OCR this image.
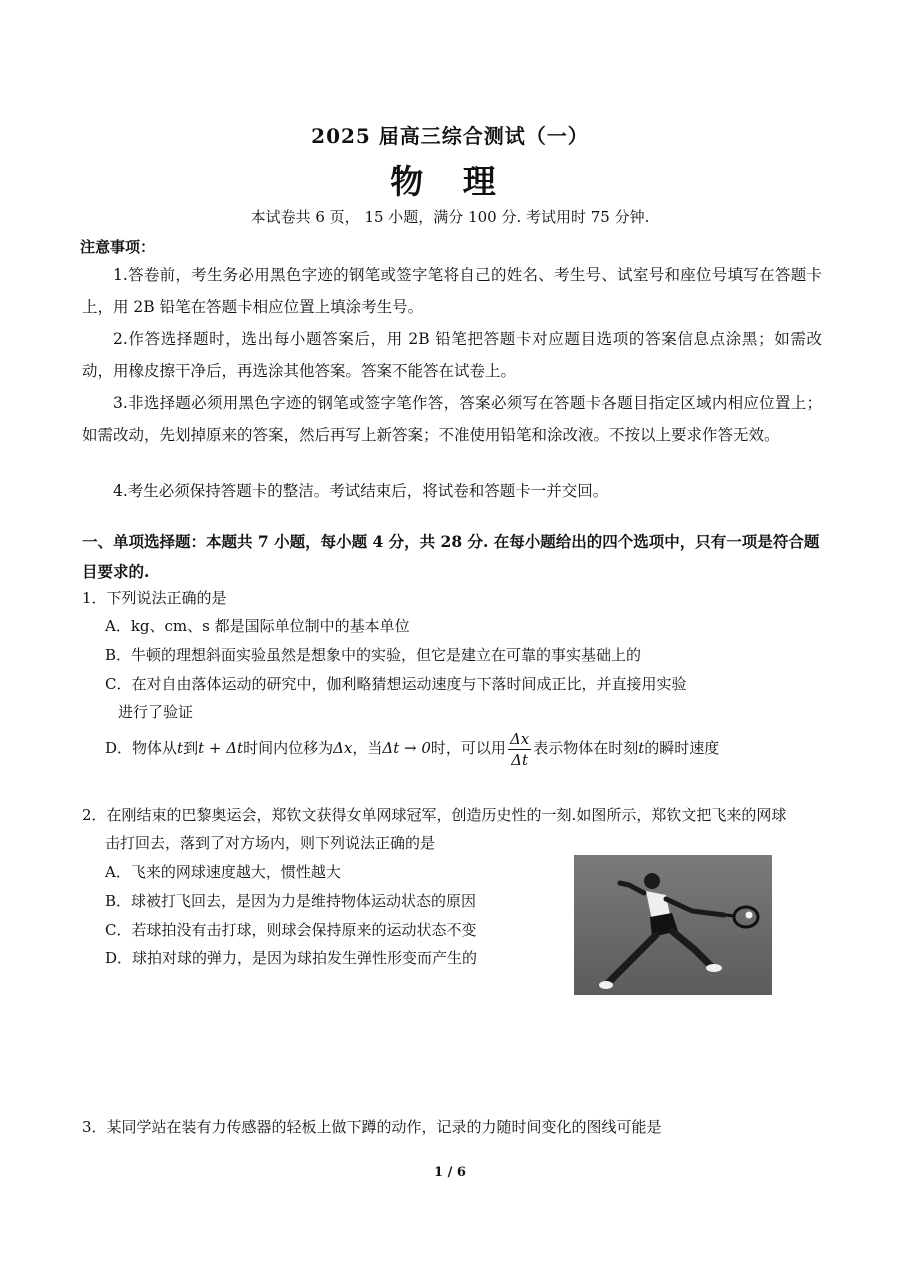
2025 届高三综合测试（一）
物 理
本试卷共 6 页， 15 小题，满分 100 分. 考试用时 75 分钟.
注意事项：
1.答卷前，考生务必用黑色字迹的钢笔或签字笔将自己的姓名、考生号、试室号和座位号填写在答题卡上，用 2B 铅笔在答题卡相应位置上填涂考生号。
2.作答选择题时，选出每小题答案后，用 2B 铅笔把答题卡对应题目选项的答案信息点涂黑；如需改动，用橡皮擦干净后，再选涂其他答案。答案不能答在试卷上。
3.非选择题必须用黑色字迹的钢笔或签字笔作答，答案必须写在答题卡各题目指定区域内相应位置上；如需改动，先划掉原来的答案，然后再写上新答案；不准使用铅笔和涂改液。不按以上要求作答无效。
4.考生必须保持答题卡的整洁。考试结束后，将试卷和答题卡一并交回。
一、单项选择题：本题共 7 小题，每小题 4 分，共 28 分. 在每小题给出的四个选项中，只有一项是符合题目要求的.
1．下列说法正确的是
A．kg、cm、s 都是国际单位制中的基本单位
B．牛顿的理想斜面实验虽然是想象中的实验，但它是建立在可靠的事实基础上的
C．在对自由落体运动的研究中，伽利略猜想运动速度与下落时间成正比，并直接用实验
进行了验证
D．物体从t到t + Δt时间内位移为Δx，当Δt → 0时，可以用 $\frac{\Delta x}{\Delta t}$ 表示物体在时刻t的瞬时速度
2．在刚结束的巴黎奥运会，郑钦文获得女单网球冠军，创造历史性的一刻.如图所示，郑钦文把飞来的网球
击打回去，落到了对方场内，则下列说法正确的是
A．飞来的网球速度越大，惯性越大
B．球被打飞回去，是因为力是维持物体运动状态的原因
C．若球拍没有击打球，则球会保持原来的运动状态不变
D．球拍对球的弹力，是因为球拍发生弹性形变而产生的
3．某同学站在装有力传感器的轻板上做下蹲的动作，记录的力随时间变化的图线可能是
1 / 6
